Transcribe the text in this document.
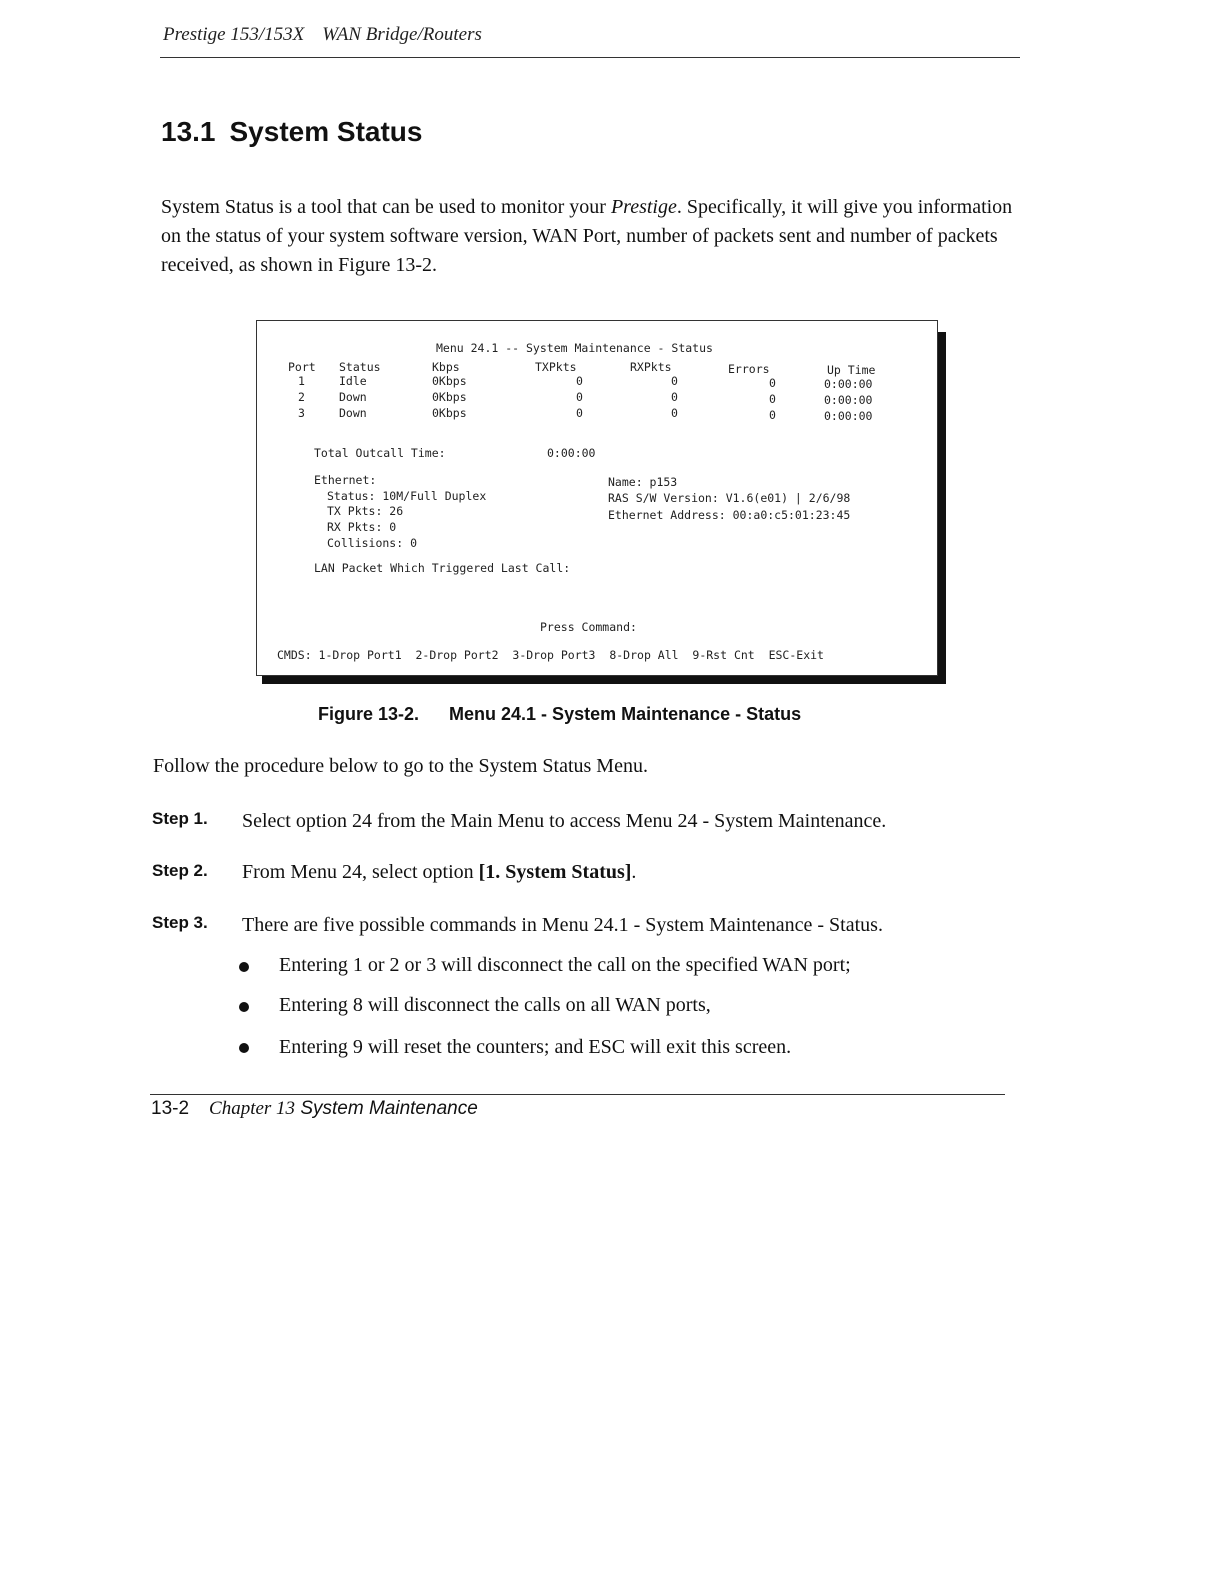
Prestige 153/153X WAN Bridge/Routers
13.1 System Status
System Status is a tool that can be used to monitor your Prestige. Specifically, it will give you information on the status of your system software version, WAN Port, number of packets sent and number of packets received, as shown in Figure 13-2.
Menu 24.1 -- System Maintenance - Status
Port Status	Kbps	TXPkts	RXPkts	Errors	Up Time
1	Idle	0Kbps	0	0	0	0:00:00
2	Down	0Kbps	0	0	0	0:00:00
3	Down	0Kbps	0	0	0	0:00:00
Total Outcall Time:	0:00:00
Ethernet:
Status: 10M/Full Duplex
TX Pkts: 26
RX Pkts: 0
Collisions: 0
Name: p153
RAS S/W Version: V1.6(e01) | 2/6/98
Ethernet Address: 00:a0:c5:01:23:45
LAN Packet Which Triggered Last Call:
Press Command:
CMDS: 1-Drop Port1  2-Drop Port2  3-Drop Port3  8-Drop All  9-Rst Cnt  ESC-Exit
Figure 13-2. Menu 24.1 - System Maintenance - Status
Follow the procedure below to go to the System Status Menu.
Step 1. Select option 24 from the Main Menu to access Menu 24 - System Maintenance.
Step 2. From Menu 24, select option [1. System Status].
Step 3. There are five possible commands in Menu 24.1 - System Maintenance - Status.
Entering 1 or 2 or 3 will disconnect the call on the specified WAN port;
Entering 8 will disconnect the calls on all WAN ports,
Entering 9 will reset the counters; and ESC will exit this screen.
13-2 Chapter 13 System Maintenance
